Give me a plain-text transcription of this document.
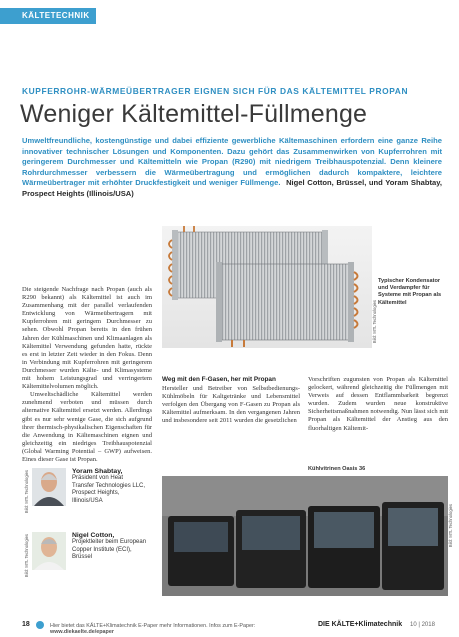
KÄLTETECHNIK
KUPFERROHR-WÄRMEÜBERTRAGER EIGNEN SICH FÜR DAS KÄLTEMITTEL PROPAN
Weniger Kältemittel-Füllmenge
Umweltfreundliche, kostengünstige und dabei effiziente gewerbliche Kältemaschinen erfordern eine ganze Reihe innovativer technischer Lösungen und Komponenten. Dazu gehört das Zusammenwirken von Kupferrohren mit geringerem Durchmesser und Kältemitteln wie Propan (R290) mit niedrigem Treibhauspotenzial. Denn kleinere Rohrdurchmesser verbessern die Wärmeübertragung und ermöglichen dadurch kompaktere, leichtere Wärmeübertrager mit erhöhter Druckfestigkeit und weniger Füllmenge. Nigel Cotton, Brüssel, und Yoram Shabtay, Prospect Heights (Illinois/USA)

Die steigende Nachfrage nach Propan (auch als R290 bekannt) als Kältemittel ist auch im Zusammenhang mit der parallel verlaufenden Entwicklung von Wärmeübertragern mit Kupferrohren mit geringem Durchmesser zu sehen. Obwohl Propan bereits in den frühen Jahren der Kühlmaschinen und Klimaanlagen als Kältemittel Verwendung gefunden hatte, rückte es erst in letzter Zeit wieder in den Fokus. Denn in Verbindung mit Kupferrohren mit geringerem Durchmesser wurden Kälte- und Klimasysteme mit hohem Leistungsgrad und verringertem Kältemittelvolumen möglich.

Umweltschädliche Kältemittel werden zunehmend verboten und müssen durch alternative Kältemittel ersetzt werden. Allerdings gibt es nur sehr wenige Gase, die sich aufgrund ihrer thermisch-physikalischen Eigenschaften für die Anwendung in Kältemaschinen eignen und gleichzeitig ein niedriges Treibhauspotenzial (Global Warming Potential – GWP) aufweisen. Eines dieser Gase ist Propan.

Bild: MTL Technologies
Typischer Kondensator und Verdampfer für Systeme mit Propan als Kältemittel
Weg mit den F-Gasen, her mit Propan

Hersteller und Betreiber von Selbstbedienungs-Kühlmöbeln für Kaltgetränke und Lebensmittel verfolgen den Übergang von F-Gasen zu Propan als Kältemittel aufmerksam. In den vergangenen Jahren und insbesondere seit 2011 wurden die gesetzlichen

Vorschriften zugunsten von Propan als Kältemittel gelockert, während gleichzeitig die Füllmengen mit Verweis auf dessen Entflammbarkeit begrenzt wurden. Zudem wurden neue konstruktive Sicherheitsmaßnahmen notwendig. Nun lässt sich mit Propan als Kältemittel der Anstieg aus den fluorhaltigen Kältemit-

Yoram Shabtay,
Präsident von Heat
Transfer Technologies LLC,
Prospect Heights,
Illinois/USA
Bild: MTL Technologies
Nigel Cotton,
Projektleiter beim European
Copper Institute (ECI),
Brüssel
Bild: MTL Technologies
Kühlvitrinen Oasis 36
Bild: MTL Technologies
18	Hier bietet das KÄLTE+Klimatechnik E-Paper mehr Informationen. Infos zum E-Paper: www.diekaelte.de/epaper
DIE KÄLTE+Klimatechnik 10 | 2018
